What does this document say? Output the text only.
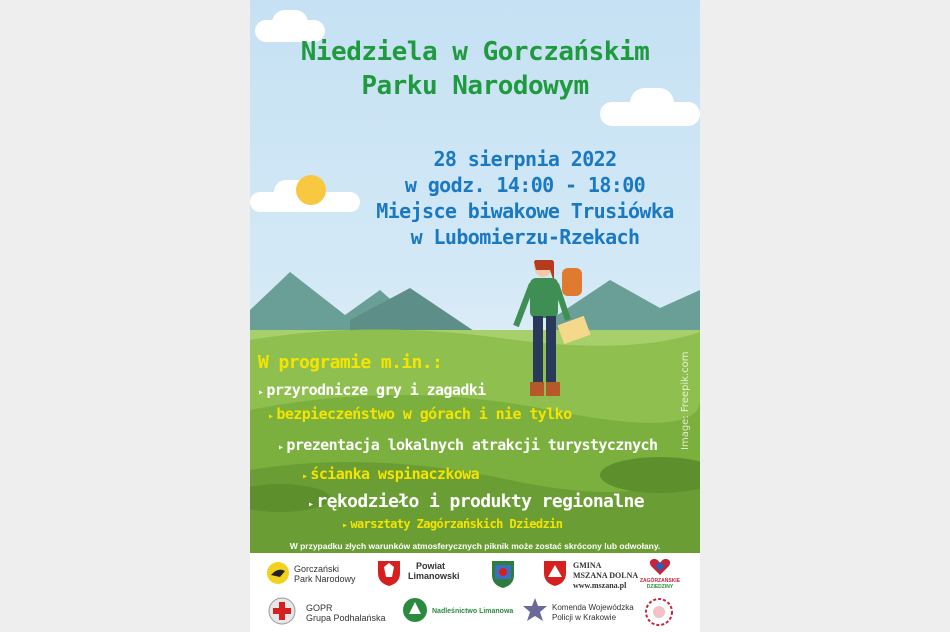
Niedziela w Gorczańskim
Parku Narodowym
28 sierpnia 2022
w godz. 14:00 - 18:00
Miejsce biwakowe Trusiówka
w Lubomierzu-Rzekach
W programie m.in.:
▸ przyrodnicze gry i zagadki
▸ bezpieczeństwo w górach i nie tylko
▸ prezentacja lokalnych atrakcji turystycznych
▸ ścianka wspinaczkowa
▸ rękodzieło i produkty regionalne
▸ warsztaty Zagórzańskich Dziedzin
Image: Freepik.com
W przypadku złych warunków atmosferycznych piknik może zostać skrócony lub odwołany.
Gorczański
Park Narodowy
Powiat
Limanowski
GMINA
MSZANA DOLNA
www.mszana.pl	ZAGÓRZAŃSKIE
DZIEDZINY
GOPR
Grupa Podhalańska
Nadleśnictwo Limanowa	Komenda Wojewódzka
Policji w Krakowie
